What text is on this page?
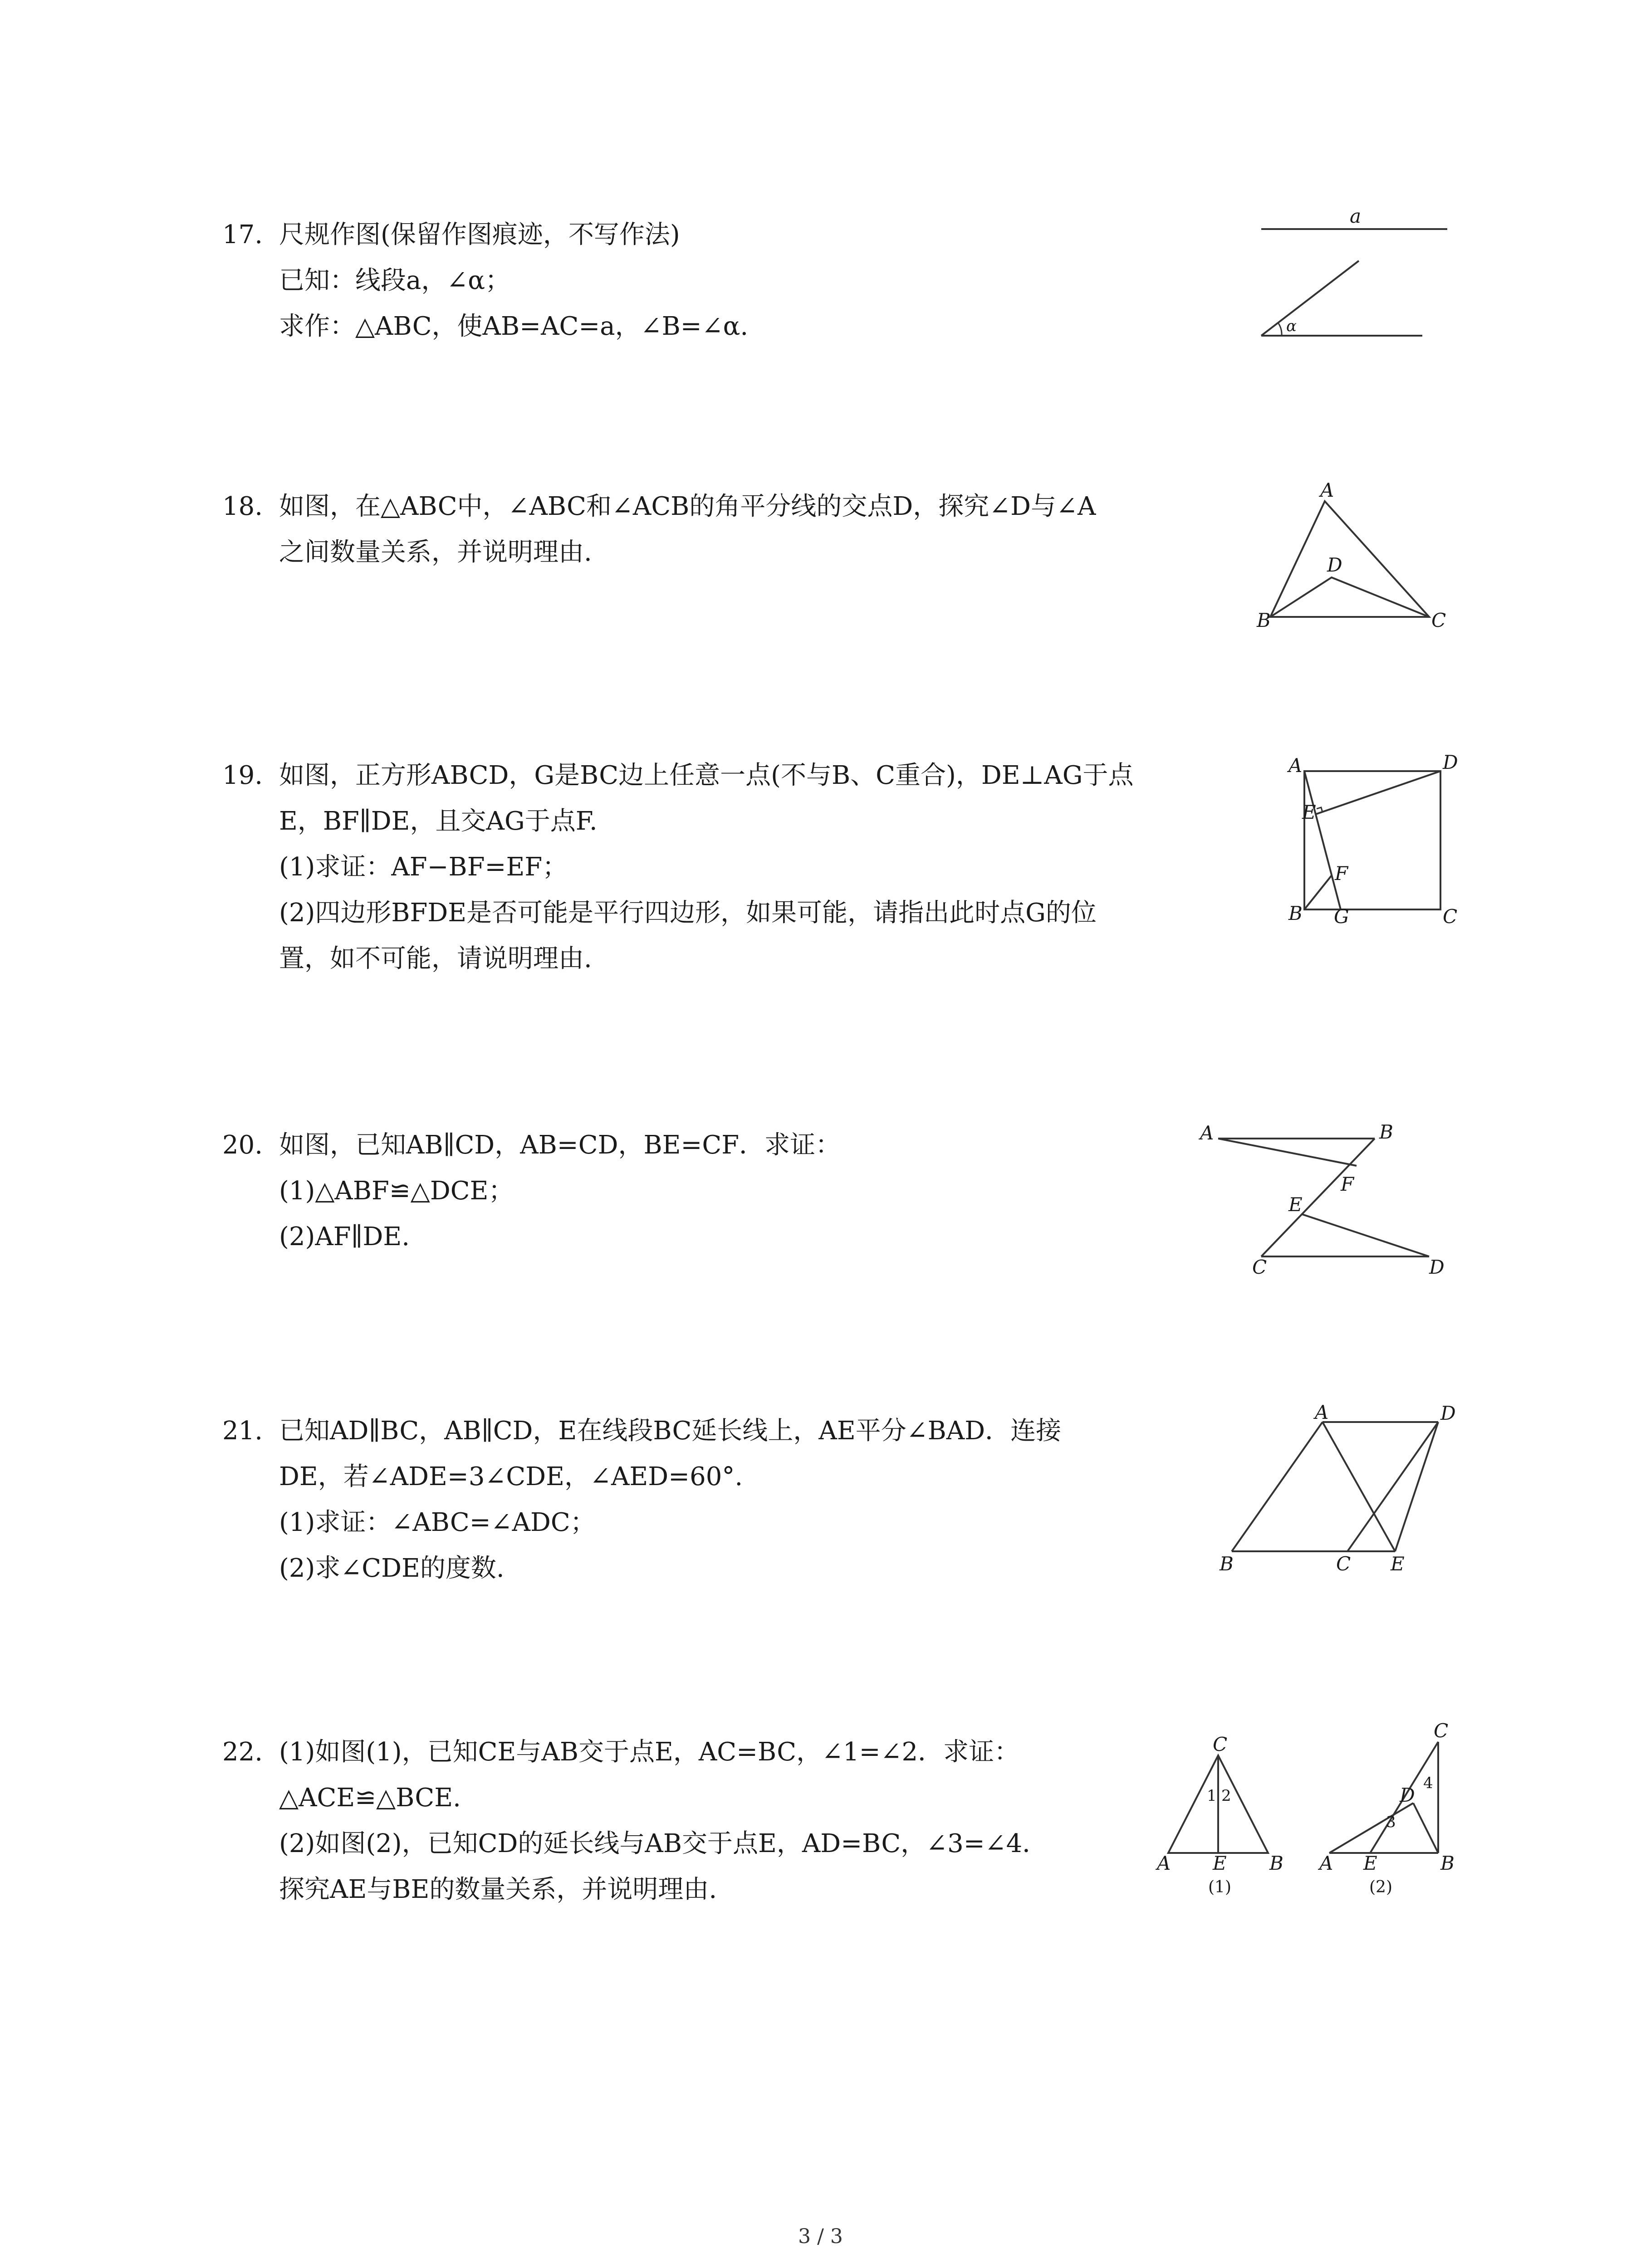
17. 尺规作图(保留作图痕迹，不写作法)
已知：线段a，∠α；
求作：△ABC，使AB=AC=a，∠B=∠α.
a
α
18. 如图，在△ABC中，∠ABC和∠ACB的角平分线的交点D，探究∠D与∠A
之间数量关系，并说明理由.
A
B	C
D
19. 如图，正方形ABCD，G是BC边上任意一点(不与B、C重合)，DE⊥AG于点
E，BF∥DE，且交AG于点F.
(1)求证：AF−BF=EF；
(2)四边形BFDE是否可能是平行四边形，如果可能，请指出此时点G的位
置，如不可能，请说明理由.
A	D
E
F
B G	C
20. 如图，已知AB∥CD，AB=CD，BE=CF．求证：
(1)△ABF≌△DCE；
(2)AF∥DE.
A	B
F
E
C	D
21. 已知AD∥BC，AB∥CD，E在线段BC延长线上，AE平分∠BAD．连接
DE，若∠ADE=3∠CDE，∠AED=60°.
(1)求证：∠ABC=∠ADC；
(2)求∠CDE的度数.
A	D
B	C E
22. (1)如图(1)，已知CE与AB交于点E，AC=BC，∠1=∠2．求证：
△ACE≌△BCE.
(2)如图(2)，已知CD的延长线与AB交于点E，AD=BC，∠3=∠4．
探究AE与BE的数量关系，并说明理由.
C
1 2
A E B
(1)
C
D
4
3
A E	B
(2)
3 / 3
